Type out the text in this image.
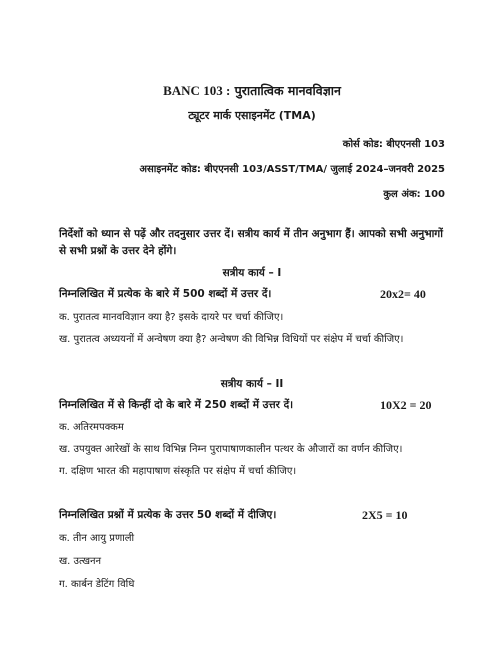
BANC 103 : पुरातात्विक मानवविज्ञान
ट्यूटर मार्क एसाइनमेंट (TMA)
कोर्स कोड: बीएएनसी 103
असाइनमेंट कोड: बीएएनसी 103/ASST/TMA/ जुलाई 2024–जनवरी 2025
कुल अंक: 100
निर्देशों को ध्यान से पढ़ें और तदनुसार उत्तर दें। सत्रीय कार्य में तीन अनुभाग हैं। आपको सभी अनुभागों से सभी प्रश्नों के उत्तर देने होंगे।
सत्रीय कार्य – I
निम्नलिखित में प्रत्येक के बारे में 500 शब्दों में उत्तर दें।	20x2= 40
क. पुरातत्व मानवविज्ञान क्या है? इसके दायरे पर चर्चा कीजिए।
ख. पुरातत्व अध्ययनों में अन्वेषण क्या है? अन्वेषण की विभिन्न विधियों पर संक्षेप में चर्चा कीजिए।
सत्रीय कार्य – II
निम्नलिखित में से किन्हीं दो के बारे में 250 शब्दों में उत्तर दें।	10X2 = 20
क. अतिरमपक्कम
ख. उपयुक्त आरेखों के साथ विभिन्न निम्न पुरापाषाणकालीन पत्थर के औजारों का वर्णन कीजिए।
ग. दक्षिण भारत की महापाषाण संस्कृति पर संक्षेप में चर्चा कीजिए।
निम्नलिखित प्रश्नों में प्रत्येक के उत्तर 50 शब्दों में दीजिए।	2X5 = 10
क. तीन आयु प्रणाली
ख. उत्खनन
ग. कार्बन डेटिंग विधि
